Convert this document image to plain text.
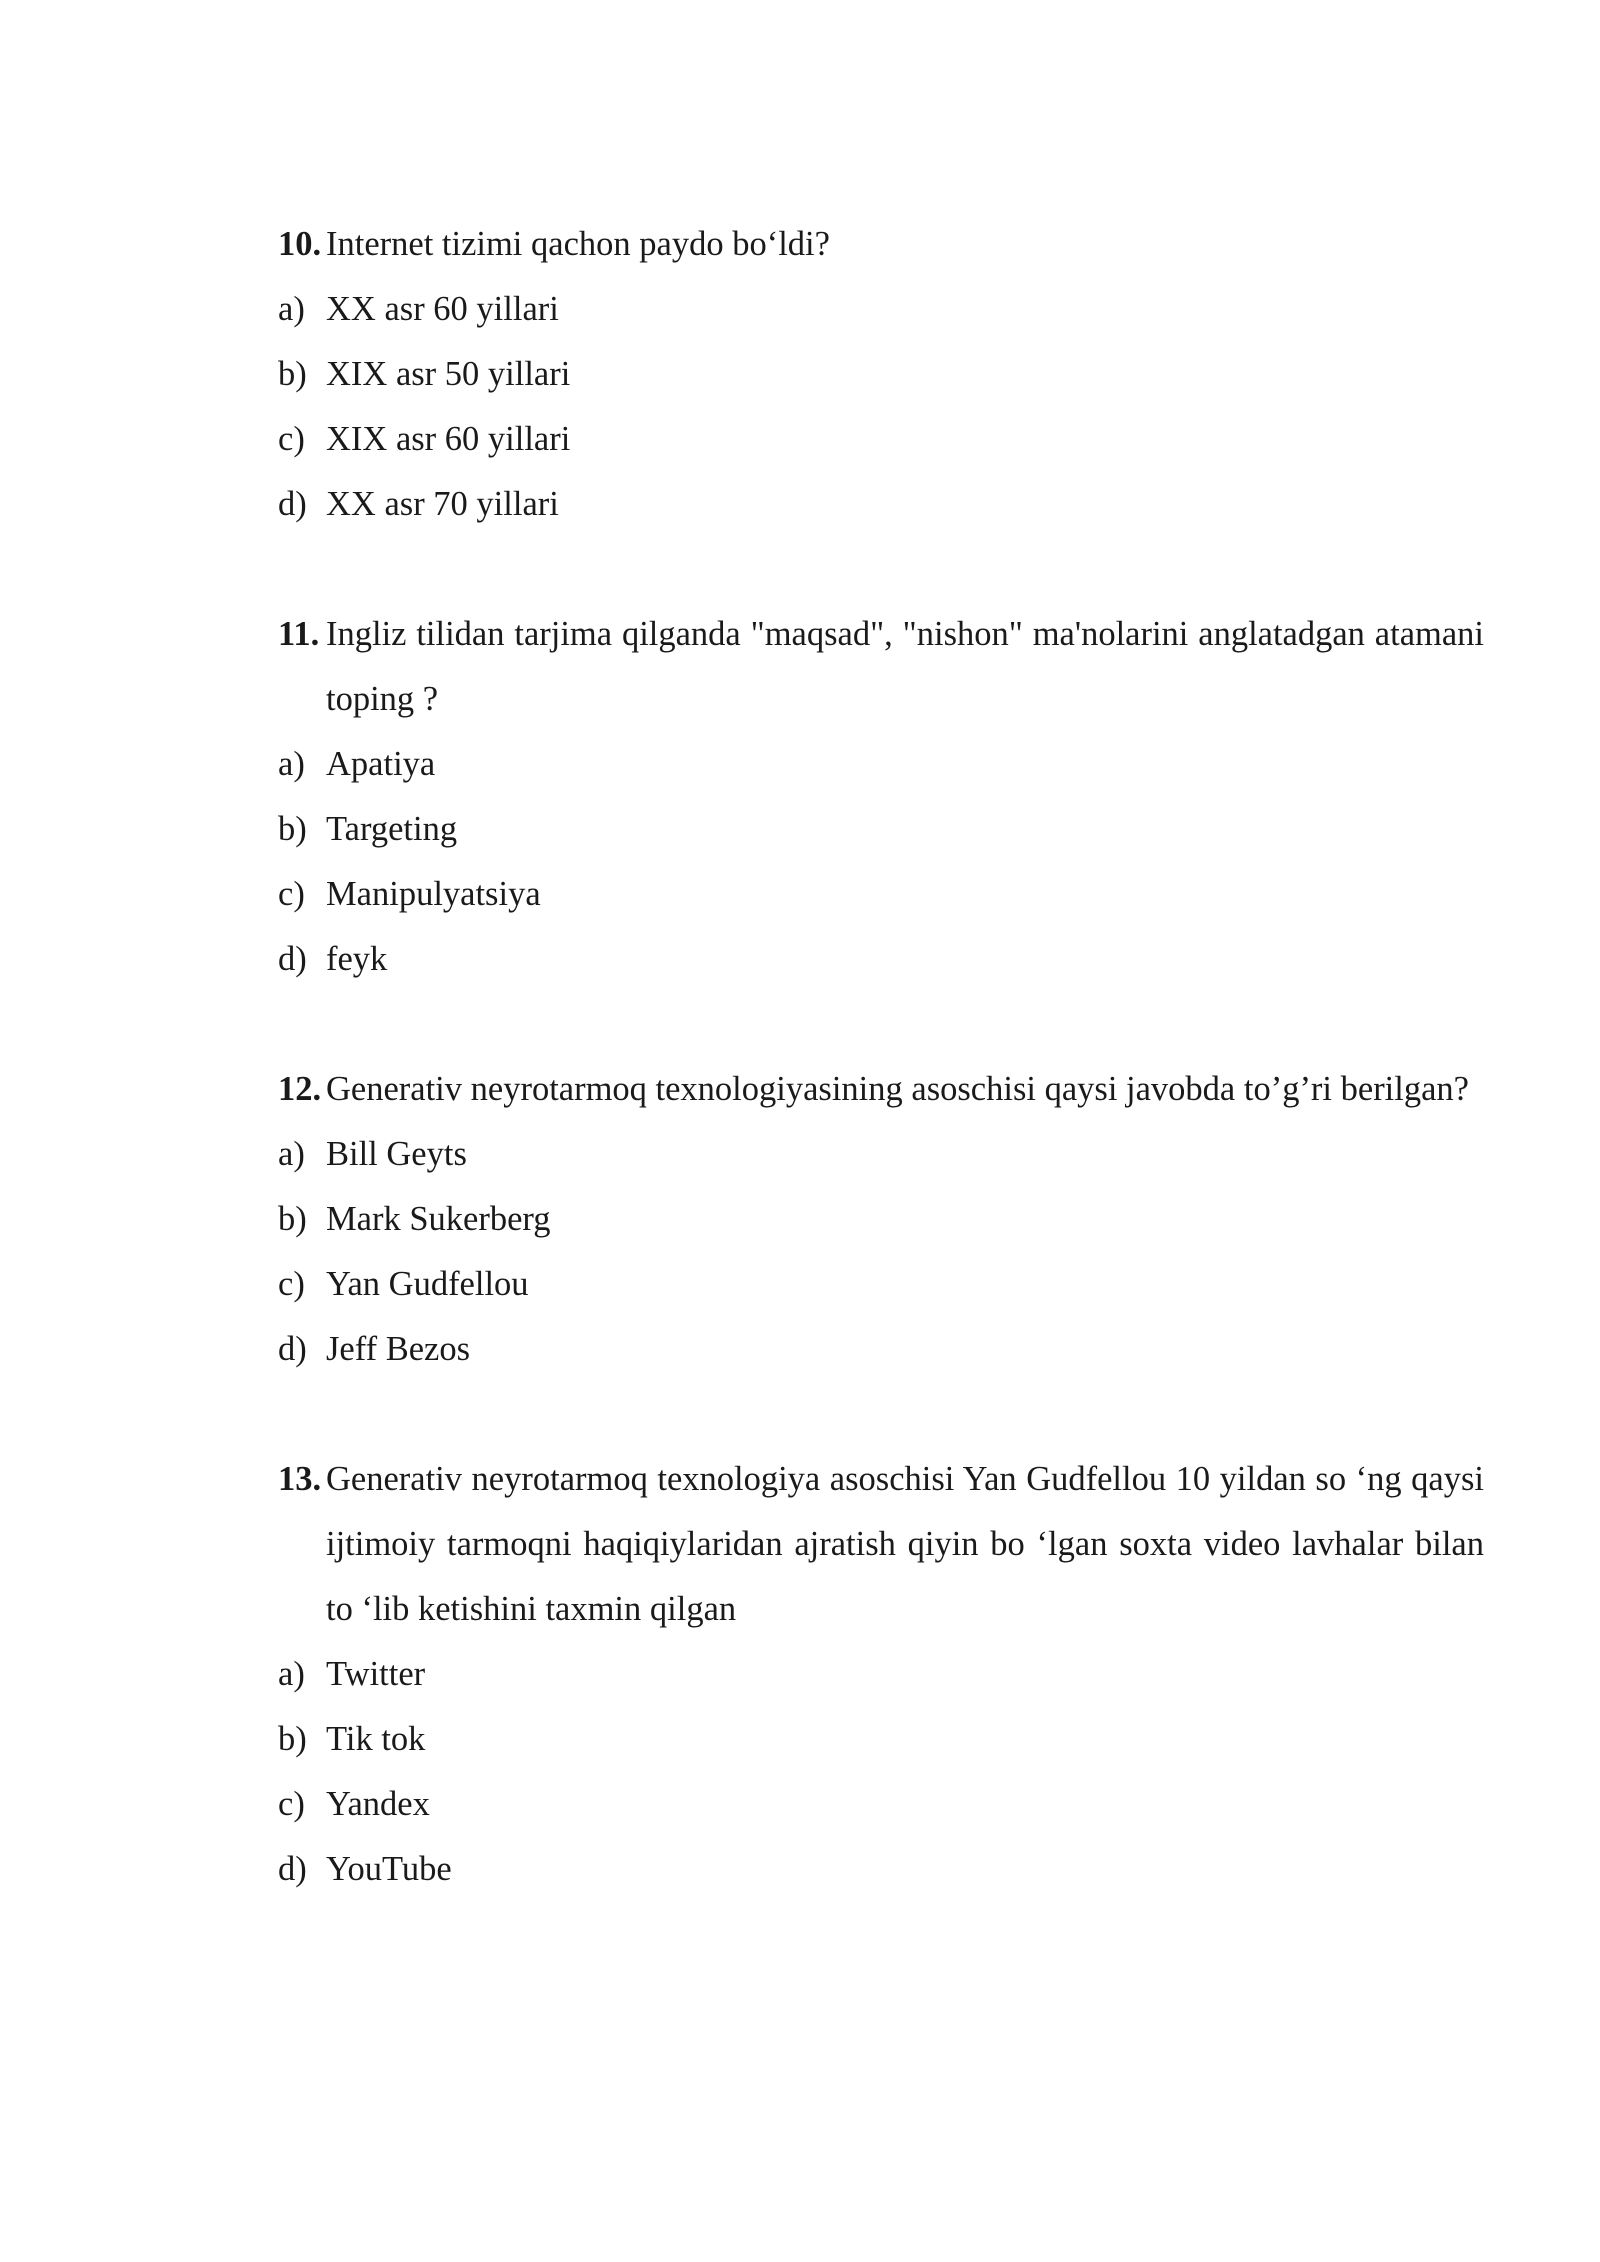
10. Internet tizimi qachon paydo bo‘ldi?
a) XX asr 60 yillari
b) XIX asr 50 yillari
c) XIX asr 60 yillari
d) XX asr 70 yillari
11. Ingliz tilidan tarjima qilganda "maqsad", "nishon" ma'nolarini anglatadgan atamani toping ?
a) Apatiya
b) Targeting
c) Manipulyatsiya
d) feyk
12. Generativ neyrotarmoq texnologiyasining asoschisi qaysi javobda to’g’ri berilgan?
a) Bill Geyts
b) Mark Sukerberg
c) Yan Gudfellou
d) Jeff Bezos
13. Generativ neyrotarmoq texnologiya asoschisi Yan Gudfellou 10 yildan so ‘ng qaysi ijtimoiy tarmoqni haqiqiylaridan ajratish qiyin bo ‘lgan soxta video lavhalar bilan to ‘lib ketishini taxmin qilgan
a) Twitter
b) Tik tok
c) Yandex
d) YouTube
